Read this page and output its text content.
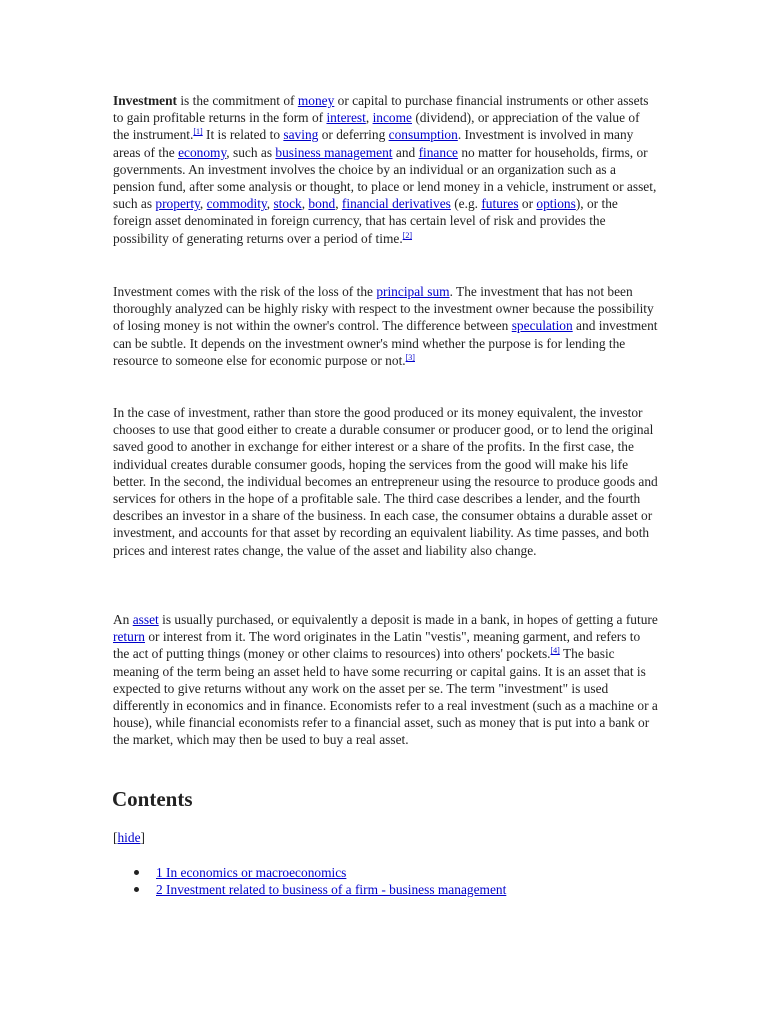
Investment is the commitment of money or capital to purchase financial instruments or other assets to gain profitable returns in the form of interest, income (dividend), or appreciation of the value of the instrument.[1] It is related to saving or deferring consumption. Investment is involved in many areas of the economy, such as business management and finance no matter for households, firms, or governments. An investment involves the choice by an individual or an organization such as a pension fund, after some analysis or thought, to place or lend money in a vehicle, instrument or asset, such as property, commodity, stock, bond, financial derivatives (e.g. futures or options), or the foreign asset denominated in foreign currency, that has certain level of risk and provides the possibility of generating returns over a period of time.[2]

Investment comes with the risk of the loss of the principal sum. The investment that has not been thoroughly analyzed can be highly risky with respect to the investment owner because the possibility of losing money is not within the owner's control. The difference between speculation and investment can be subtle. It depends on the investment owner's mind whether the purpose is for lending the resource to someone else for economic purpose or not.[3]

In the case of investment, rather than store the good produced or its money equivalent, the investor chooses to use that good either to create a durable consumer or producer good, or to lend the original saved good to another in exchange for either interest or a share of the profits. In the first case, the individual creates durable consumer goods, hoping the services from the good will make his life better. In the second, the individual becomes an entrepreneur using the resource to produce goods and services for others in the hope of a profitable sale. The third case describes a lender, and the fourth describes an investor in a share of the business. In each case, the consumer obtains a durable asset or investment, and accounts for that asset by recording an equivalent liability. As time passes, and both prices and interest rates change, the value of the asset and liability also change.

An asset is usually purchased, or equivalently a deposit is made in a bank, in hopes of getting a future return or interest from it. The word originates in the Latin "vestis", meaning garment, and refers to the act of putting things (money or other claims to resources) into others' pockets.[4] The basic meaning of the term being an asset held to have some recurring or capital gains. It is an asset that is expected to give returns without any work on the asset per se. The term "investment" is used differently in economics and in finance. Economists refer to a real investment (such as a machine or a house), while financial economists refer to a financial asset, such as money that is put into a bank or the market, which may then be used to buy a real asset.

Contents
[hide]
1 In economics or macroeconomics
2 Investment related to business of a firm - business management
